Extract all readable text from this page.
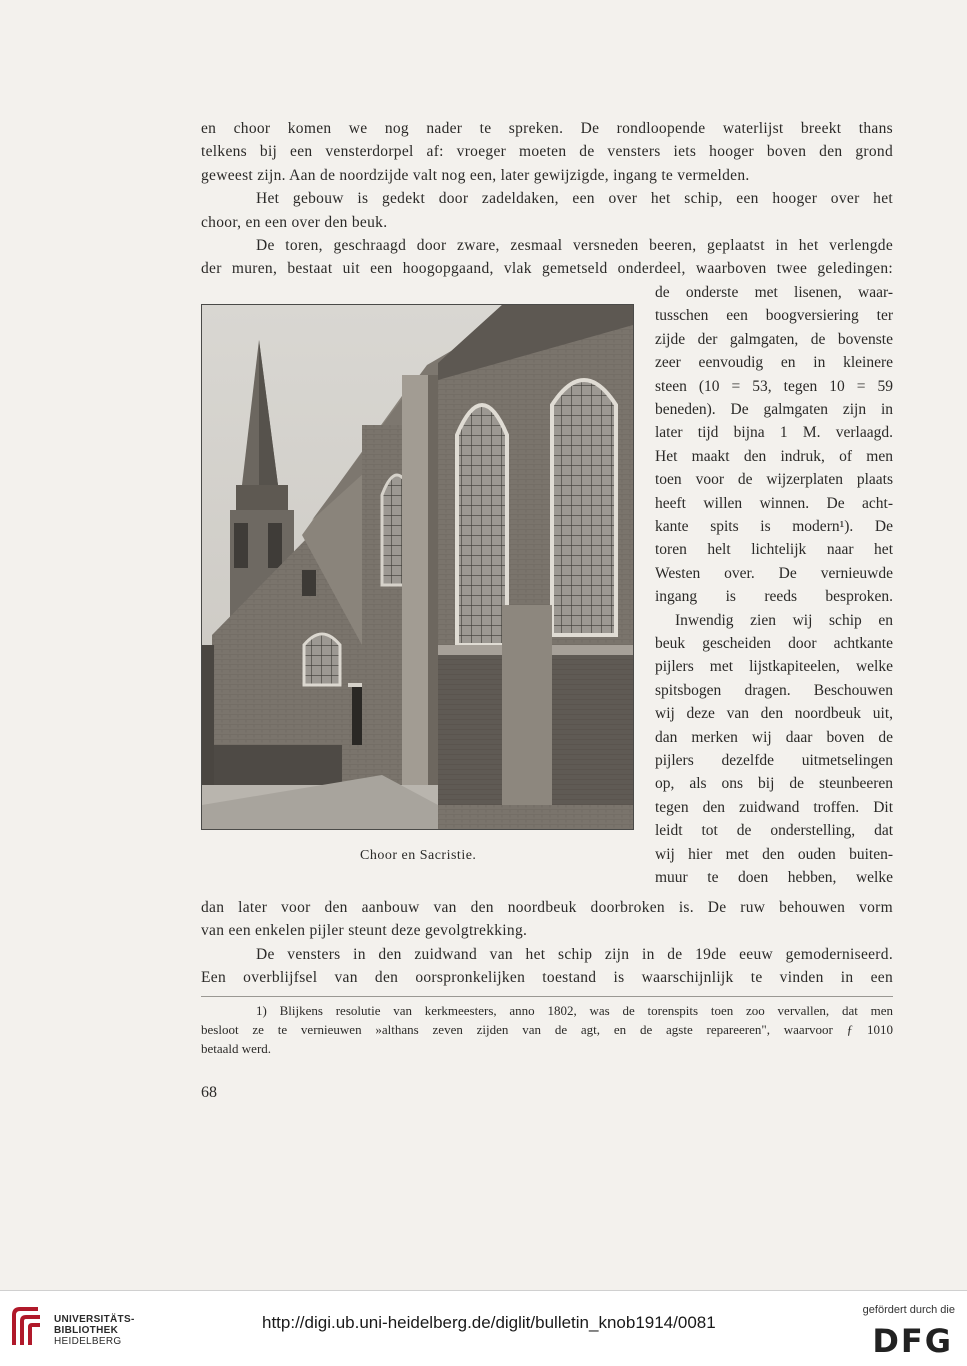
en choor komen we nog nader te spreken. De rondloopende waterlijst breekt thans
telkens bij een vensterdorpel af: vroeger moeten de vensters iets hooger boven den grond
geweest zijn. Aan de noordzijde valt nog een, later gewijzigde, ingang te vermelden.
Het gebouw is gedekt door zadeldaken, een over het schip, een hooger over het
choor, en een over den beuk.
De toren, geschraagd door zware, zesmaal versneden beeren, geplaatst in het verlengde
der muren, bestaat uit een hoogopgaand, vlak gemetseld onderdeel, waarboven twee geledingen:
de onderste met lisenen, waar-
tusschen een boogversiering ter
zijde der galmgaten, de bovenste
zeer eenvoudig en in kleinere
steen (10 = 53, tegen 10 = 59
beneden). De galmgaten zijn in
later tijd bijna 1 M. verlaagd.
Het maakt den indruk, of men
toen voor de wijzerplaten plaats
heeft willen winnen. De acht-
kante spits is modern¹). De
toren helt lichtelijk naar het
Westen over. De vernieuwde
ingang is reeds besproken.
Inwendig zien wij schip en
beuk gescheiden door achtkante
pijlers met lijstkapiteelen, welke
spitsbogen dragen. Beschouwen
wij deze van den noordbeuk uit,
dan merken wij daar boven de
pijlers dezelfde uitmetselingen
op, als ons bij de steunbeeren
tegen den zuidwand troffen. Dit
leidt tot de onderstelling, dat
wij hier met den ouden buiten-
muur te doen hebben, welke
Choor en Sacristie.
dan later voor den aanbouw van den noordbeuk doorbroken is. De ruw behouwen vorm
van een enkelen pijler steunt deze gevolgtrekking.
De vensters in den zuidwand van het schip zijn in de 19de eeuw gemoderniseerd.
Een overblijfsel van den oorspronkelijken toestand is waarschijnlijk te vinden in een
1) Blijkens resolutie van kerkmeesters, anno 1802, was de torenspits toen zoo vervallen, dat men
besloot ze te vernieuwen »althans zeven zijden van de agt, en de agste repareeren", waarvoor ƒ 1010
betaald werd.
68
UNIVERSITÄTS-
BIBLIOTHEK
HEIDELBERG
http://digi.ub.uni-heidelberg.de/diglit/bulletin_knob1914/0081
gefördert durch die
DFG
